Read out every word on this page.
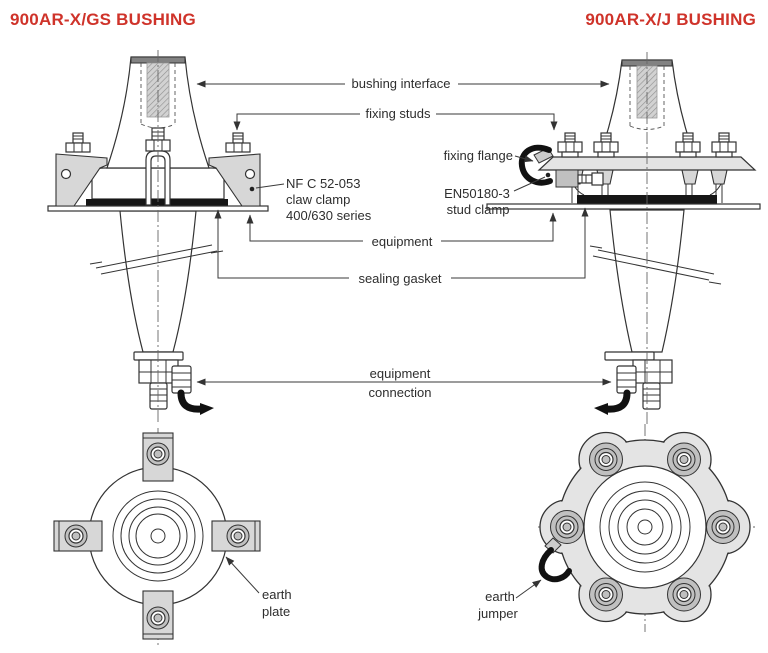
900AR-X/GS BUSHING	900AR-X/J BUSHING
bushing interface
fixing studs
fixing flange
NF C 52-053
claw clamp
400/630 series
EN50180-3
stud clamp
equipment
sealing gasket
equipment
connection
earth
plate
earth
jumper
